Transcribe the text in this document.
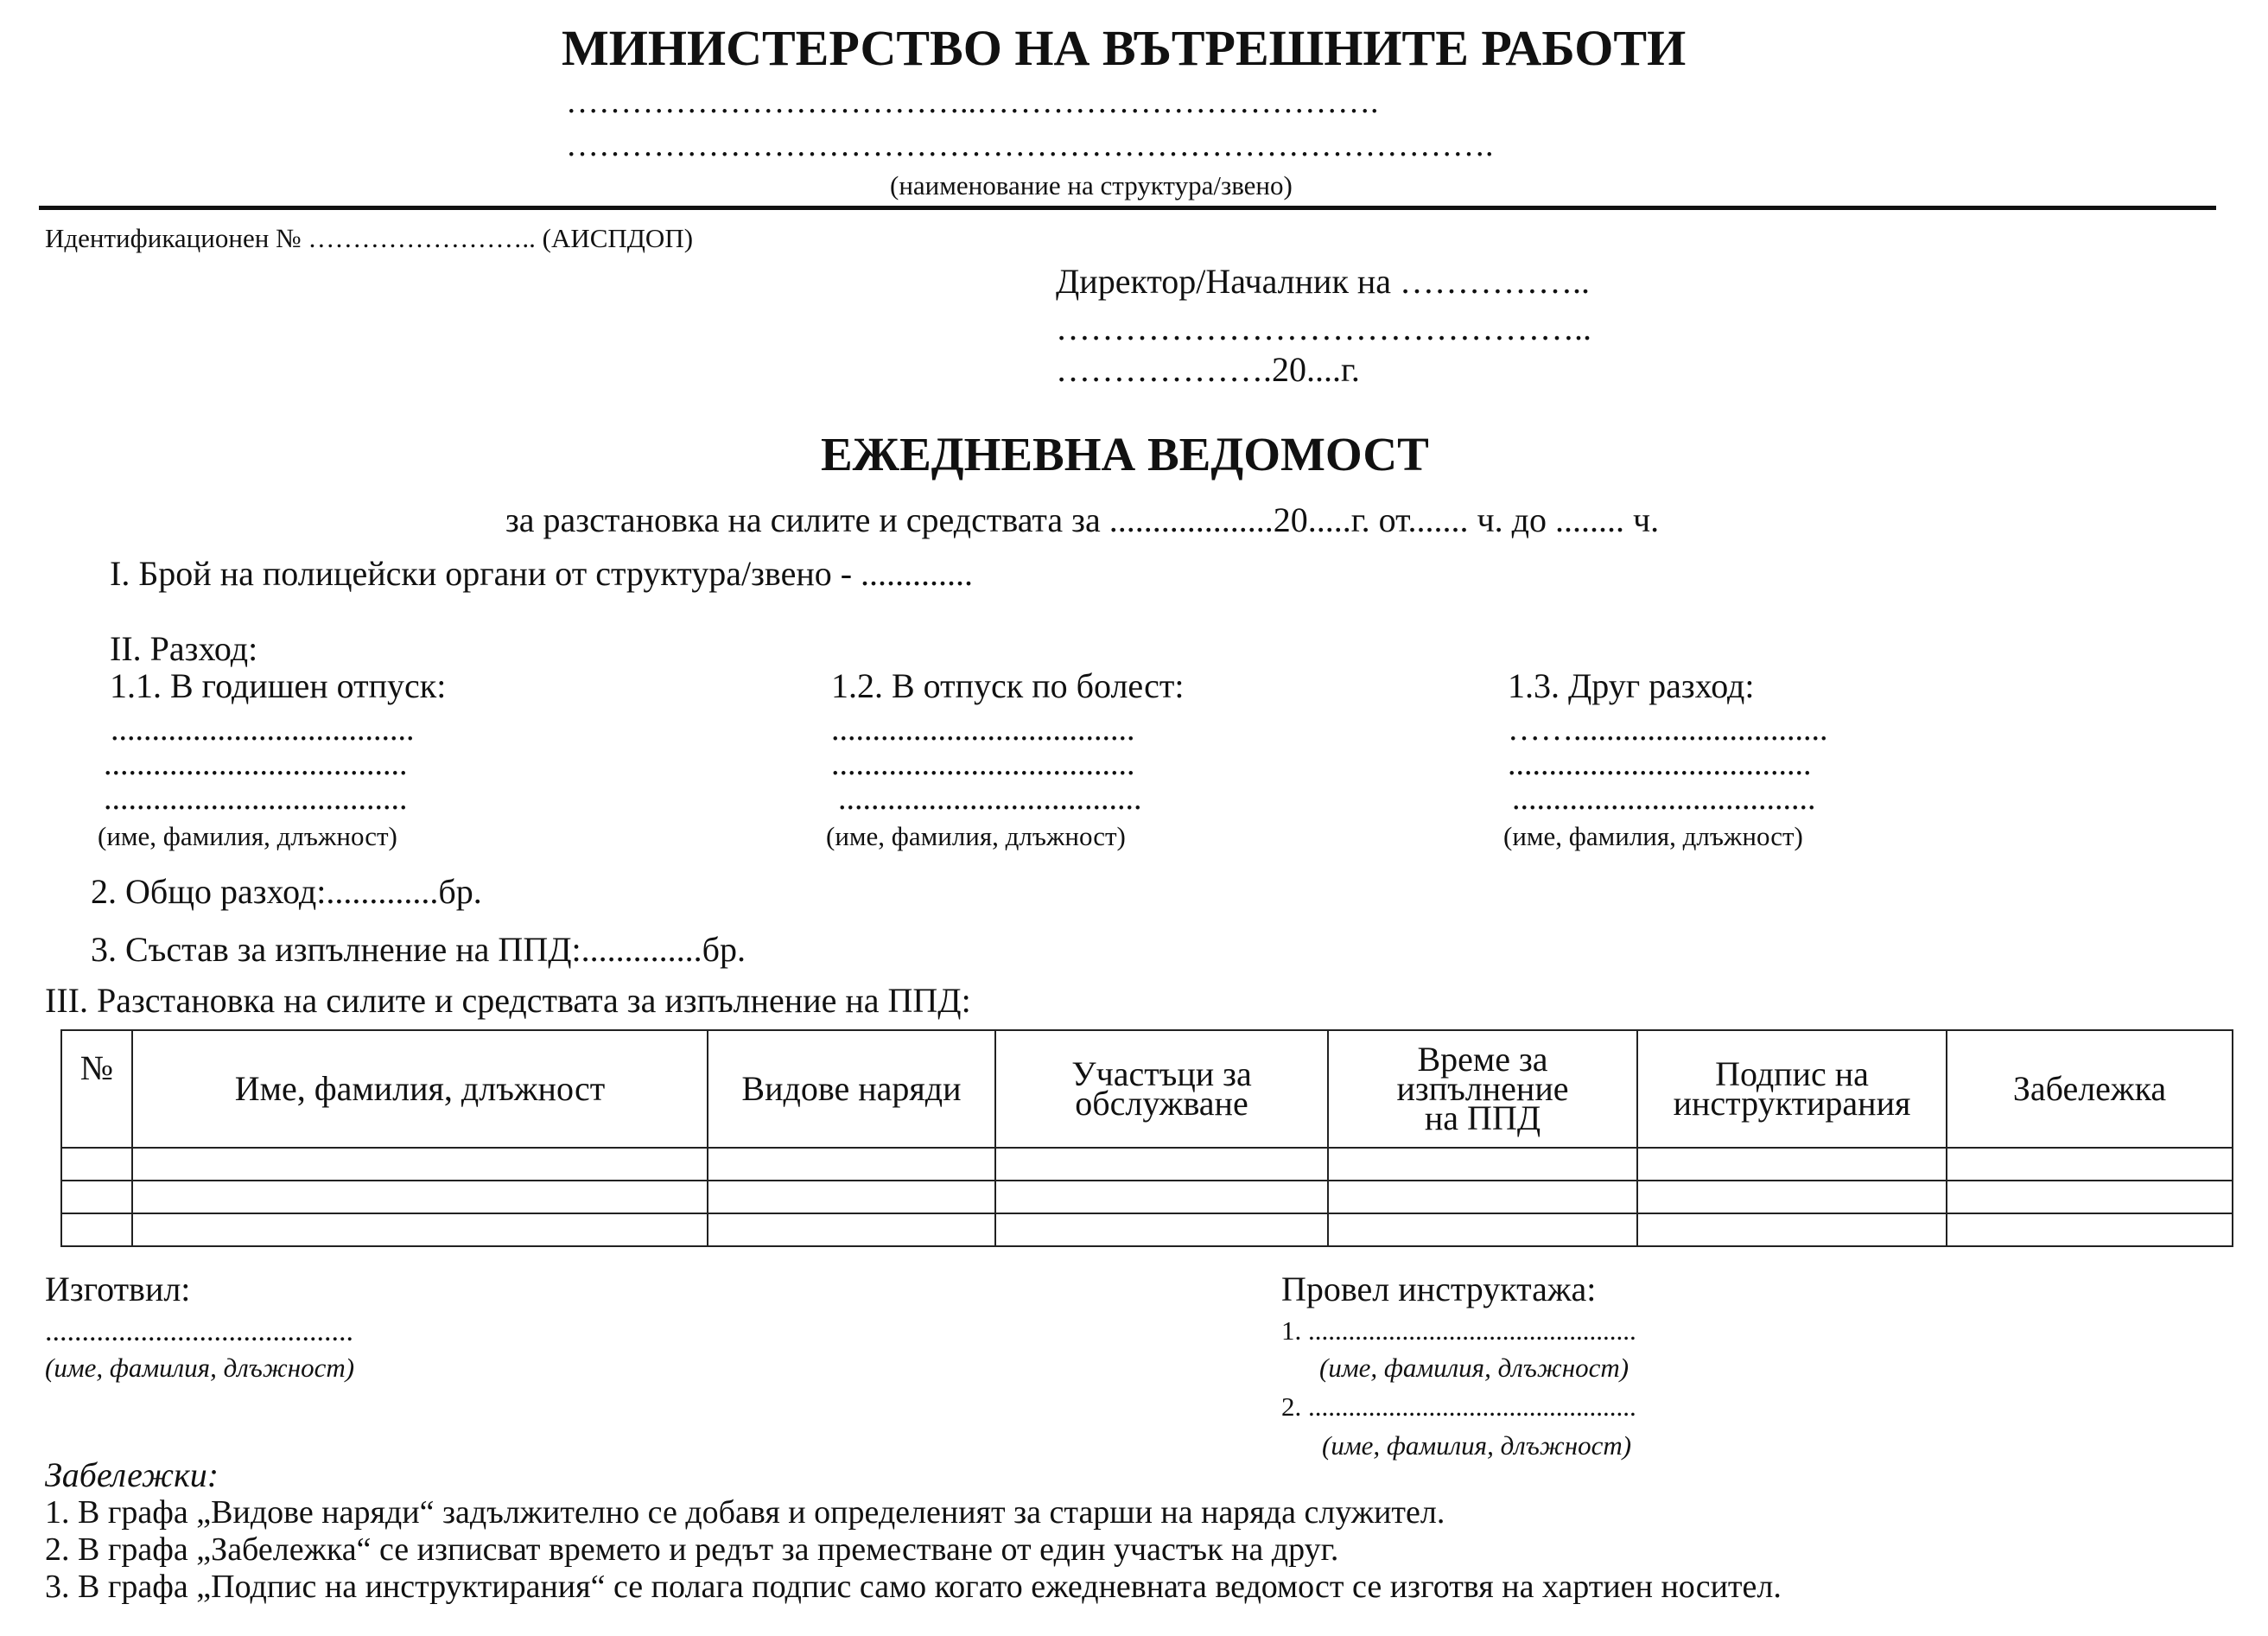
МИНИСТЕРСТВО НА ВЪТРЕШНИТЕ РАБОТИ
………………………………..……………………………….
………………………………………………………………………….
(наименование на структура/звено)
Идентификационен № …………………….. (АИСПДОП)
Директор/Началник на ……………..
………………………………………..
……………….20....г.
ЕЖЕДНЕВНА ВЕДОМОСТ
за разстановка на силите и средствата за ...................20.....г. от....... ч. до ........ ч.
I. Брой на полицейски органи от структура/звено - .............
II. Разход:
1.1. В годишен отпуск:
.....................................
.....................................
.....................................
(име, фамилия, длъжност)
1.2. В отпуск по болест:
.....................................
.....................................
.....................................
(име, фамилия, длъжност)
1.3. Друг разход:
……...............................
.....................................
.....................................
(име, фамилия, длъжност)
2. Общо разход:.............бр.
3. Състав за изпълнение на ППД:..............бр.
III. Разстановка на силите и средствата за изпълнение на ППД:
№	Име, фамилия, длъжност	Видове наряди	Участъци за обслужване	Време за изпълнение на ППД	Подпис на инструктирания	Забележка

Изготвил:
..........................................
(име, фамилия, длъжност)
Провел инструктажа:
1. .................................................
(име, фамилия, длъжност)
2. .................................................
(име, фамилия, длъжност)
Забележки:
1. В графа „Видове наряди“ задължително се добавя и определеният за старши на наряда служител.
2. В графа „Забележка“ се изписват времето и редът за преместване от един участък на друг.
3. В графа „Подпис на инструктирания“ се полага подпис само когато ежедневната ведомост се изготвя на хартиен носител.
